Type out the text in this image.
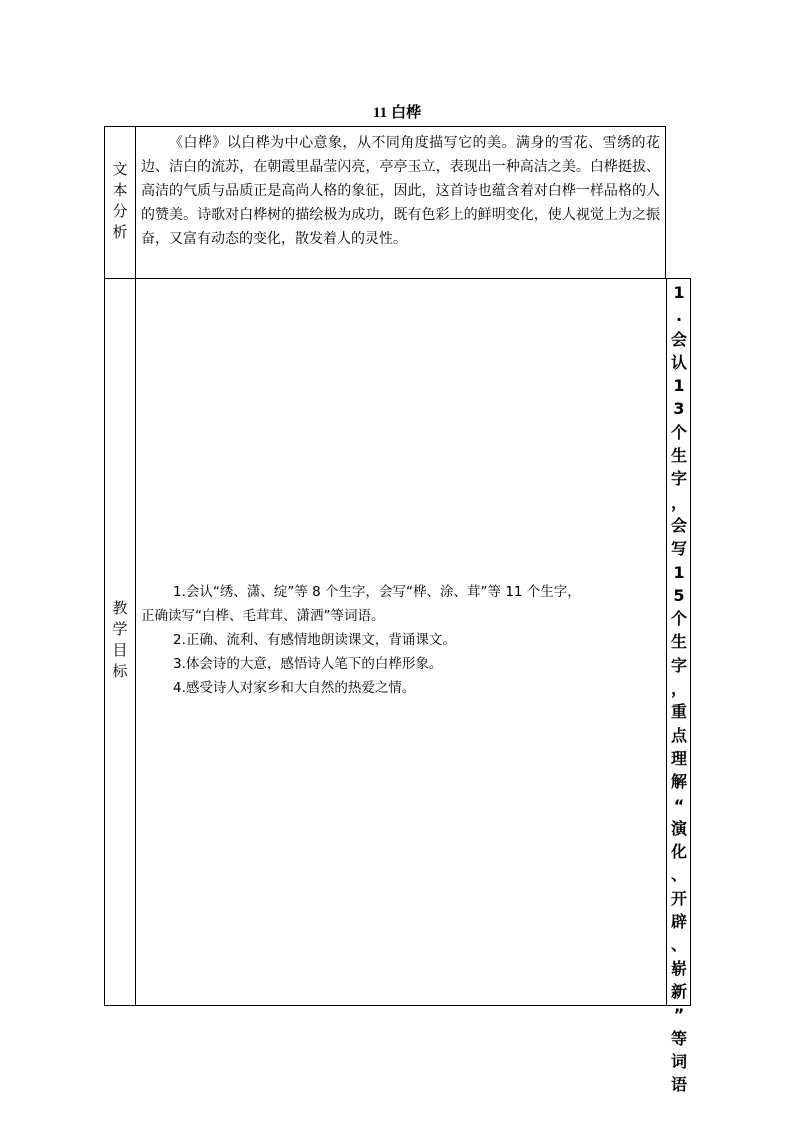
11 白桦
文
本
分
析
《白桦》以白桦为中心意象，从不同角度描写它的美。满身的雪花、雪绣的花边、洁白的流苏，在朝霞里晶莹闪亮，亭亭玉立，表现出一种高洁之美。白桦挺拔、高洁的气质与品质正是高尚人格的象征，因此，这首诗也蕴含着对白桦一样品格的人的赞美。诗歌对白桦树的描绘极为成功，既有色彩上的鲜明变化，使人视觉上为之振奋，又富有动态的变化，散发着人的灵性。
教
学
目
标
1.会认“绣、潇、绽”等 8 个生字，会写“桦、涂、茸”等 11 个生字，
正确读写“白桦、毛茸茸、潇洒”等词语。
2.正确、流利、有感情地朗读课文，背诵课文。
3.体会诗的大意，感悟诗人笔下的白桦形象。
4.感受诗人对家乡和大自然的热爱之情。
1
.
会
认
1
3
个
生
字
，
会
写
1
5
个
生
字
，
重
点
理
解
“
演
化
、
开
辟
、
崭
新
”
等
词
语
